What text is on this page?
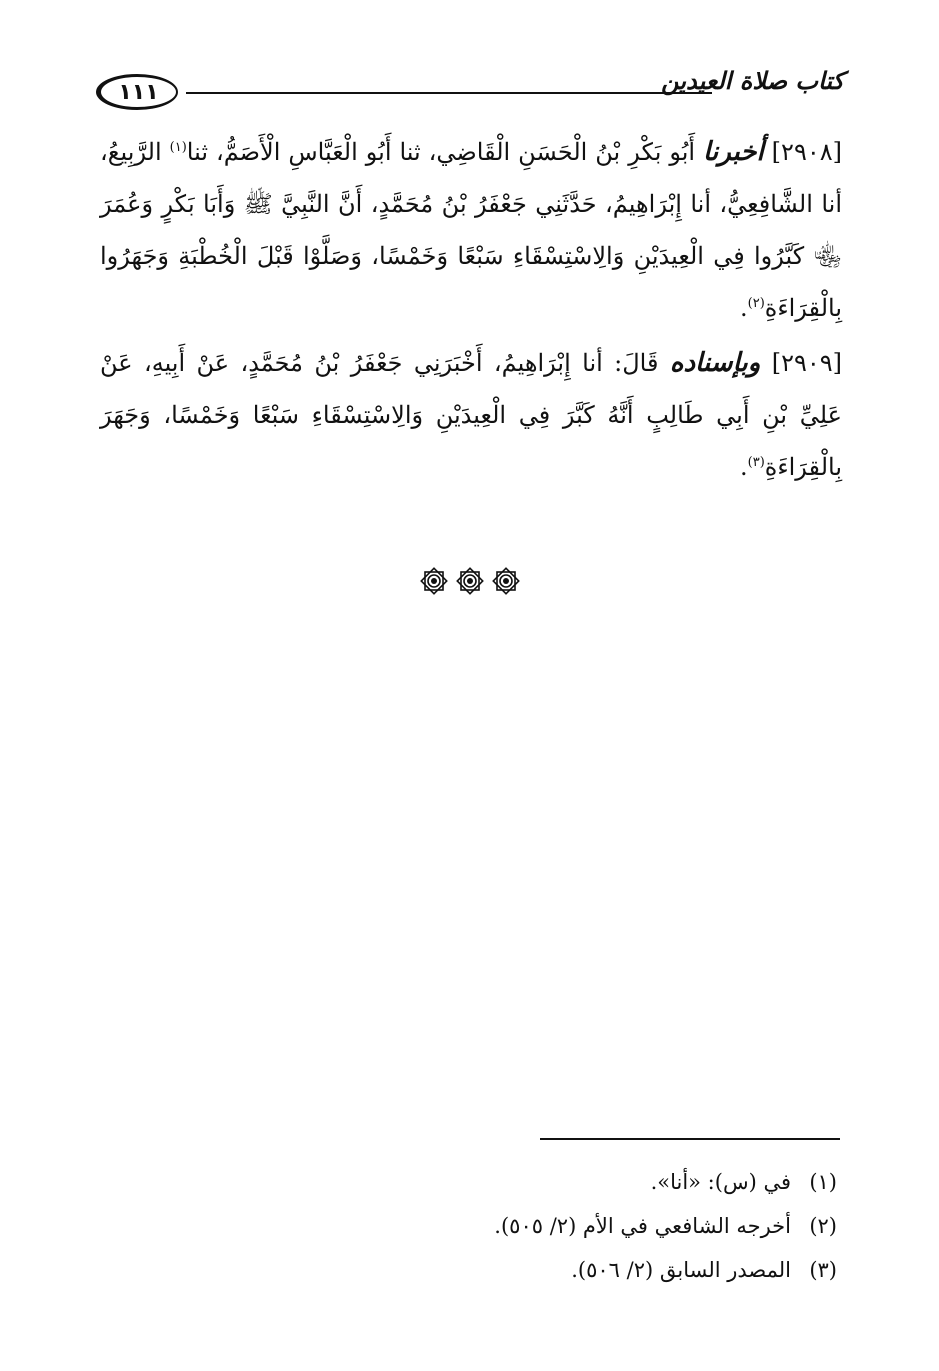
١١١	كتاب صلاة العيدين

[٢٩٠٨] أخبرنا أَبُو بَكْرِ بْنُ الْحَسَنِ الْقَاضِي، ثنا أَبُو الْعَبَّاسِ الْأَصَمُّ، ثنا$^{(١)}$ الرَّبِيعُ، أنا الشَّافِعِيُّ، أنا إِبْرَاهِيمُ، حَدَّثَنِي جَعْفَرُ بْنُ مُحَمَّدٍ، أَنَّ النَّبِيَّ ﷺ وَأَبَا بَكْرٍ وَعُمَرَ ﵄ كَبَّرُوا فِي الْعِيدَيْنِ وَالِاسْتِسْقَاءِ سَبْعًا وَخَمْسًا، وَصَلَّوْا قَبْلَ الْخُطْبَةِ وَجَهَرُوا بِالْقِرَاءَةِ$^{(٢)}$.

[٢٩٠٩] وبإسناده قَالَ: أنا إِبْرَاهِيمُ، أَخْبَرَنِي جَعْفَرُ بْنُ مُحَمَّدٍ، عَنْ أَبِيهِ، عَنْ عَلِيِّ بْنِ أَبِي طَالِبٍ أَنَّهُ كَبَّرَ فِي الْعِيدَيْنِ وَالِاسْتِسْقَاءِ سَبْعًا وَخَمْسًا، وَجَهَرَ بِالْقِرَاءَةِ$^{(٣)}$.

(١)
في (س): «أنا».
(٢)
أخرجه الشافعي في الأم (٢/ ٥٠٥).
(٣)
المصدر السابق (٢/ ٥٠٦).
